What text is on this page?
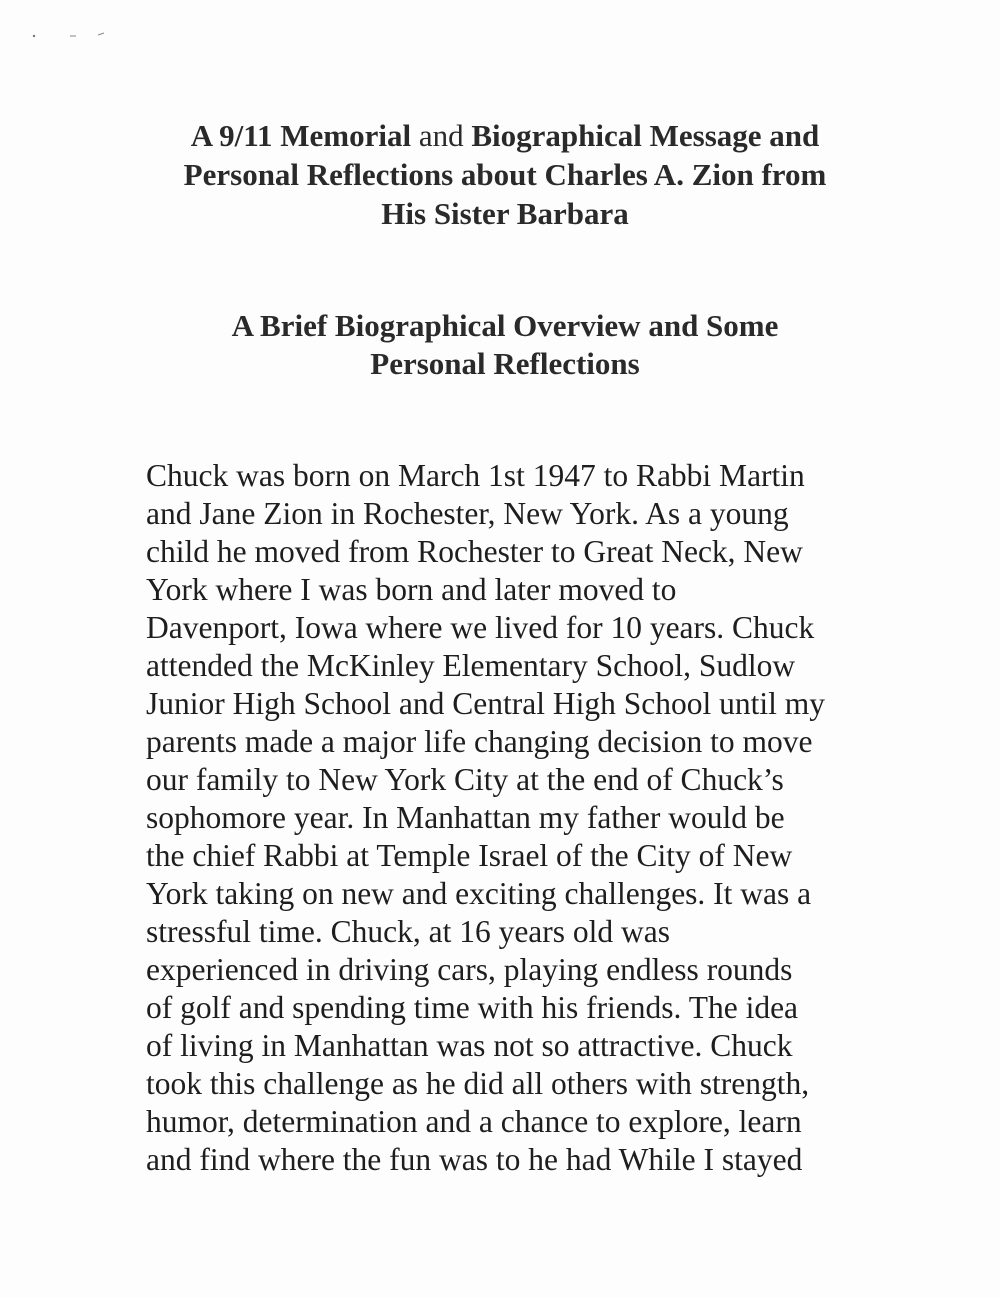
A 9/11 Memorial and Biographical Message and
Personal Reflections about Charles A. Zion from
His Sister Barbara
A Brief Biographical Overview and Some
Personal Reflections
Chuck was born on March 1st 1947 to Rabbi Martin
and Jane Zion in Rochester, New York. As a young
child he moved from Rochester to Great Neck, New
York where I was born and later moved to
Davenport, Iowa where we lived for 10 years. Chuck
attended the McKinley Elementary School, Sudlow
Junior High School and Central High School until my
parents made a major life changing decision to move
our family to New York City at the end of Chuck’s
sophomore year. In Manhattan my father would be
the chief Rabbi at Temple Israel of the City of New
York taking on new and exciting challenges. It was a
stressful time. Chuck, at 16 years old was
experienced in driving cars, playing endless rounds
of golf and spending time with his friends. The idea
of living in Manhattan was not so attractive. Chuck
took this challenge as he did all others with strength,
humor, determination and a chance to explore, learn
and find where the fun was to he had While I stayed
